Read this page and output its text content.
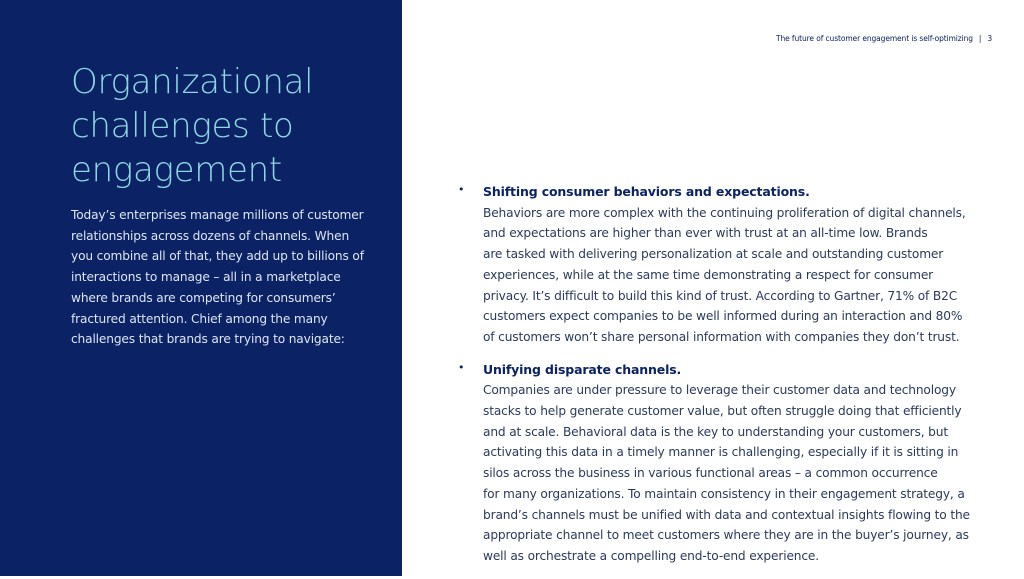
Organizational challenges to engagement

Today’s enterprises manage millions of customer relationships across dozens of channels. When you combine all of that, they add up to billions of interactions to manage – all in a marketplace where brands are competing for consumers’ fractured attention. Chief among the many challenges that brands are trying to navigate:

The future of customer engagement is self-optimizing | 3
• Shifting consumer behaviors and expectations.
Behaviors are more complex with the continuing proliferation of digital channels,
and expectations are higher than ever with trust at an all-time low. Brands
are tasked with delivering personalization at scale and outstanding customer
experiences, while at the same time demonstrating a respect for consumer
privacy. It’s difficult to build this kind of trust. According to Gartner, 71% of B2C
customers expect companies to be well informed during an interaction and 80%
of customers won’t share personal information with companies they don’t trust.
• Unifying disparate channels.
Companies are under pressure to leverage their customer data and technology
stacks to help generate customer value, but often struggle doing that efficiently
and at scale. Behavioral data is the key to understanding your customers, but
activating this data in a timely manner is challenging, especially if it is sitting in
silos across the business in various functional areas – a common occurrence
for many organizations. To maintain consistency in their engagement strategy, a
brand’s channels must be unified with data and contextual insights flowing to the
appropriate channel to meet customers where they are in the buyer’s journey, as
well as orchestrate a compelling end-to-end experience.
